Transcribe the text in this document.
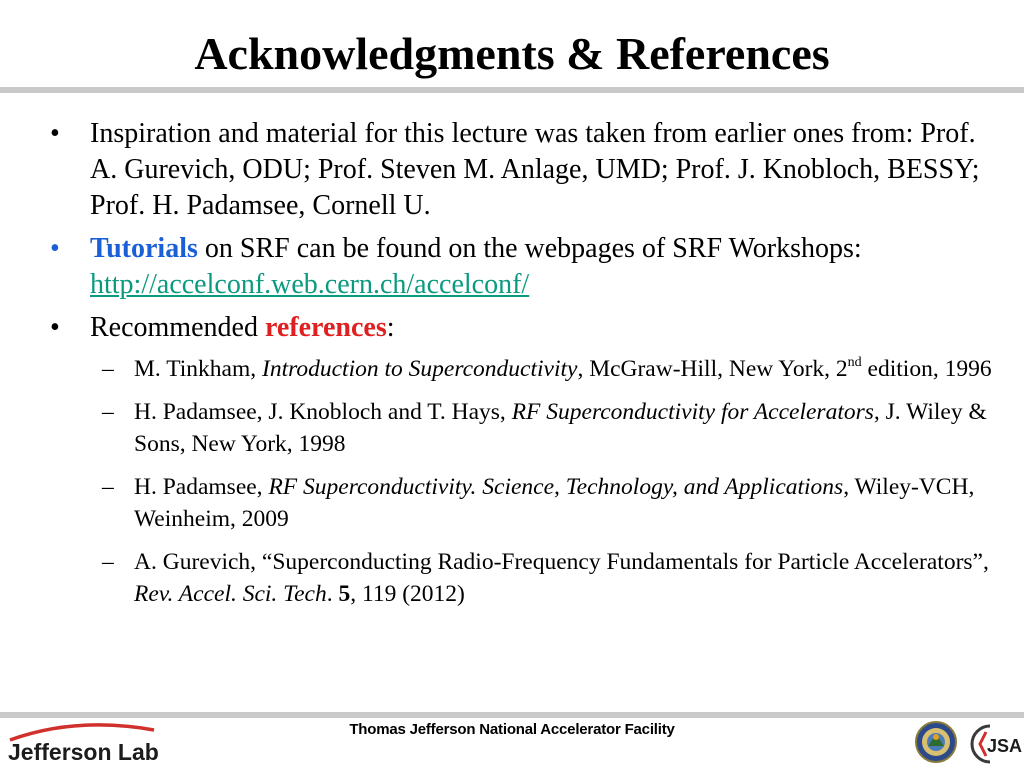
Acknowledgments & References
• Inspiration and material for this lecture was taken from earlier ones from: Prof. A. Gurevich, ODU; Prof. Steven M. Anlage, UMD; Prof. J. Knobloch, BESSY; Prof. H. Padamsee, Cornell U.
• Tutorials on SRF can be found on the webpages of SRF Workshops: http://accelconf.web.cern.ch/accelconf/
• Recommended references:
– M. Tinkham, Introduction to Superconductivity, McGraw-Hill, New York, 2nd edition, 1996
– H. Padamsee, J. Knobloch and T. Hays, RF Superconductivity for Accelerators, J. Wiley & Sons, New York, 1998
– H. Padamsee, RF Superconductivity. Science, Technology, and Applications, Wiley-VCH, Weinheim, 2009
– A. Gurevich, “Superconducting Radio-Frequency Fundamentals for Particle Accelerators”, Rev. Accel. Sci. Tech. 5, 119 (2012)
Jefferson Lab
Thomas Jefferson National Accelerator Facility
JSA
